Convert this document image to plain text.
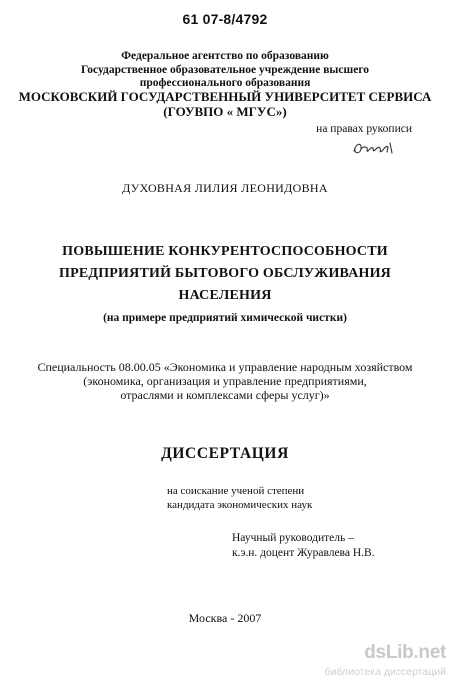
61 07-8/4792
Федеральное агентство по образованию
Государственное образовательное учреждение высшего
профессионального образования
МОСКОВСКИЙ ГОСУДАРСТВЕННЫЙ УНИВЕРСИТЕТ СЕРВИСА
(ГОУВПО « МГУС»)
на правах рукописи
ДУХОВНАЯ ЛИЛИЯ ЛЕОНИДОВНА
ПОВЫШЕНИЕ КОНКУРЕНТОСПОСОБНОСТИ
ПРЕДПРИЯТИЙ БЫТОВОГО ОБСЛУЖИВАНИЯ
НАСЕЛЕНИЯ
(на примере предприятий химической чистки)
Специальность 08.00.05 «Экономика и управление народным хозяйством
(экономика, организация и управление предприятиями,
отраслями и комплексами сферы услуг)»
ДИССЕРТАЦИЯ
на соискание ученой степени
кандидата экономических наук
Научный руководитель –
к.э.н. доцент Журавлева Н.В.
Москва - 2007
dsLib.net
библиотека диссертаций
